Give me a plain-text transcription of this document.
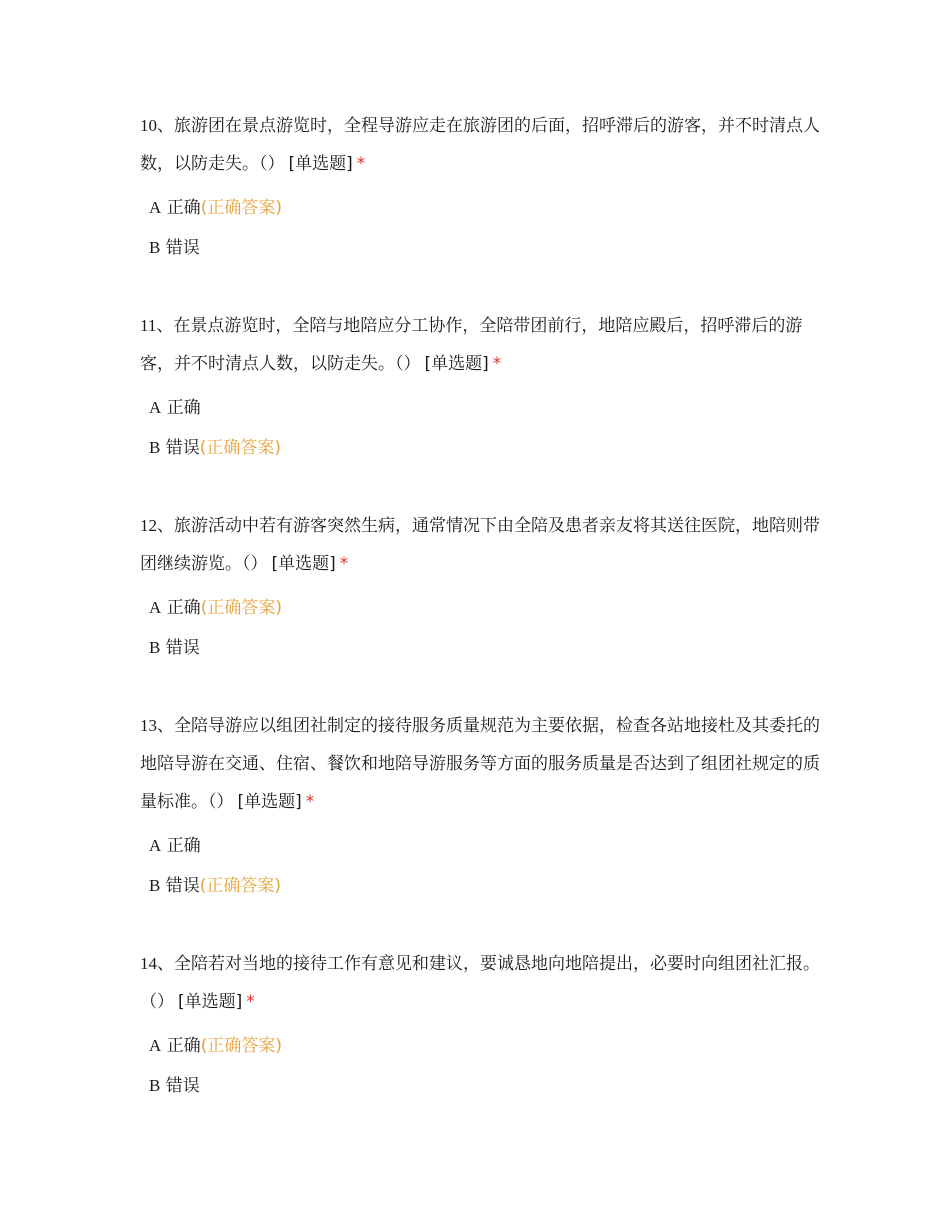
10、旅游团在景点游览时，全程导游应走在旅游团的后面，招呼滞后的游客，并不时清点人数，以防走失。（） [单选题] *

A 正确(正确答案)

B 错误

11、在景点游览时，全陪与地陪应分工协作，全陪带团前行，地陪应殿后，招呼滞后的游客，并不时清点人数，以防走失。（） [单选题] *

A 正确

B 错误(正确答案)

12、旅游活动中若有游客突然生病，通常情况下由全陪及患者亲友将其送往医院，地陪则带团继续游览。（） [单选题] *

A 正确(正确答案)

B 错误

13、全陪导游应以组团社制定的接待服务质量规范为主要依据，检查各站地接杜及其委托的地陪导游在交通、住宿、餐饮和地陪导游服务等方面的服务质量是否达到了组团社规定的质量标准。（） [单选题] *

A 正确

B 错误(正确答案)

14、全陪若对当地的接待工作有意见和建议，要诚恳地向地陪提出，必要时向组团社汇报。（） [单选题] *

A 正确(正确答案)

B 错误
